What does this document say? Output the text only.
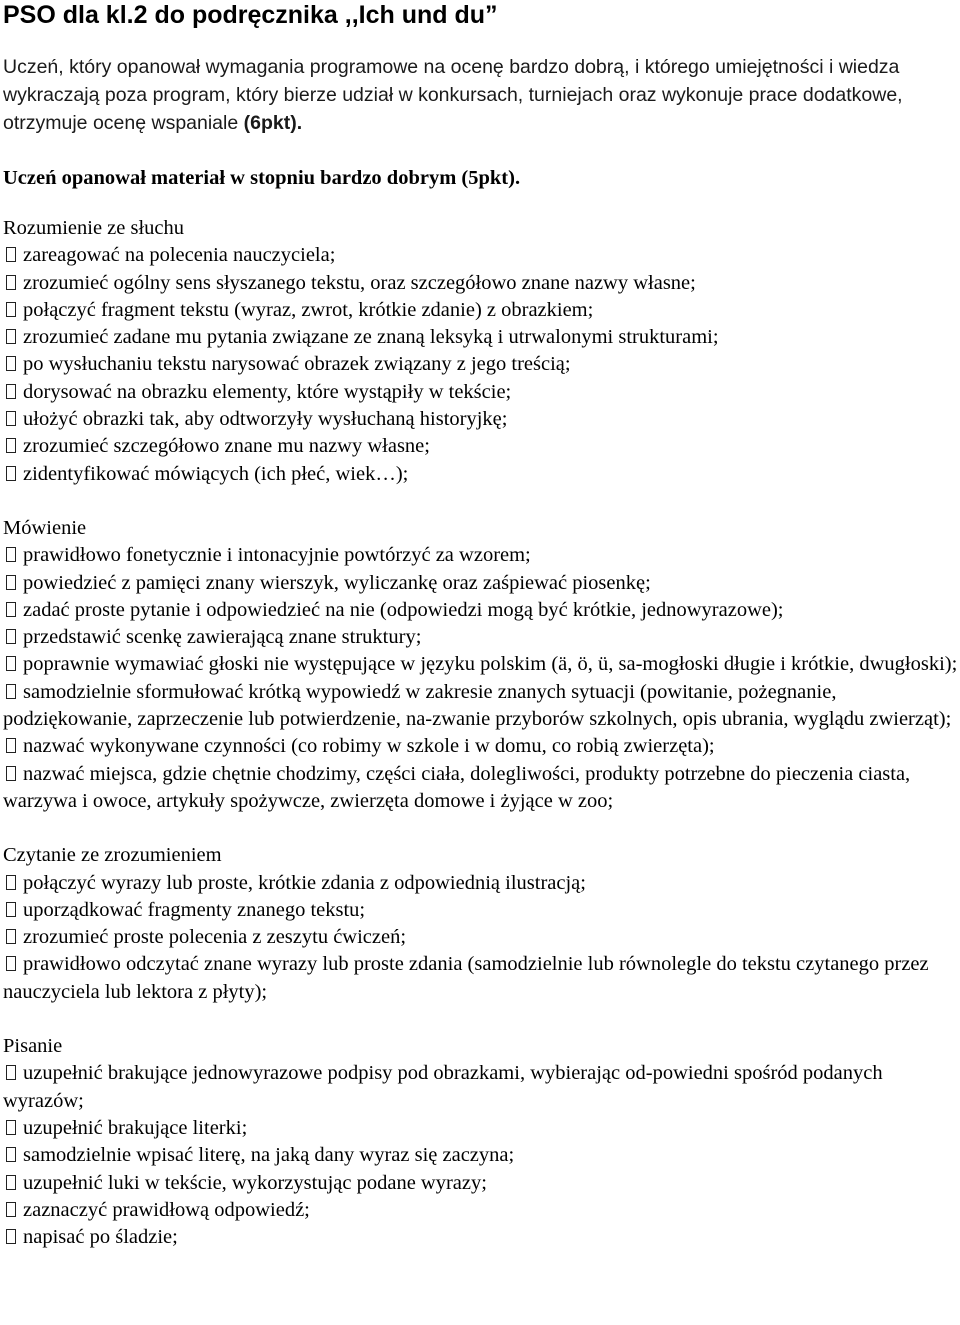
PSO dla kl.2 do podręcznika ,,Ich und du”

Uczeń, który opanował wymagania programowe na ocenę bardzo dobrą, i którego umiejętności i wiedza wykraczają poza program, który bierze udział w konkursach, turniejach oraz wykonuje prace dodatkowe, otrzymuje ocenę wspaniale (6pkt).

Uczeń opanował materiał w stopniu bardzo dobrym (5pkt).

Rozumienie ze słuchu

zareagować na polecenia nauczyciela;
zrozumieć ogólny sens słyszanego tekstu, oraz szczegółowo znane nazwy własne;
połączyć fragment tekstu (wyraz, zwrot, krótkie zdanie) z obrazkiem;
zrozumieć zadane mu pytania związane ze znaną leksyką i utrwalonymi strukturami;
po wysłuchaniu tekstu narysować obrazek związany z jego treścią;
dorysować na obrazku elementy, które wystąpiły w tekście;
ułożyć obrazki tak, aby odtworzyły wysłuchaną historyjkę;
zrozumieć szczegółowo znane mu nazwy własne;
zidentyfikować mówiących (ich płeć, wiek…);

Mówienie

prawidłowo fonetycznie i intonacyjnie powtórzyć za wzorem;
powiedzieć z pamięci znany wierszyk, wyliczankę oraz zaśpiewać piosenkę;
zadać proste pytanie i odpowiedzieć na nie (odpowiedzi mogą być krótkie, jednowyrazowe);
przedstawić scenkę zawierającą znane struktury;
poprawnie wymawiać głoski nie występujące w języku polskim (ä, ö, ü, sa-mogłoski długie i krótkie, dwugłoski);
samodzielnie sformułować krótką wypowiedź w zakresie znanych sytuacji (powitanie, pożegnanie, podziękowanie, zaprzeczenie lub potwierdzenie, na-zwanie przyborów szkolnych, opis ubrania, wyglądu zwierząt);
nazwać wykonywane czynności (co robimy w szkole i w domu, co robią zwierzęta);
nazwać miejsca, gdzie chętnie chodzimy, części ciała, dolegliwości, produkty potrzebne do pieczenia ciasta, warzywa i owoce, artykuły spożywcze, zwierzęta domowe i żyjące w zoo;

Czytanie ze zrozumieniem

połączyć wyrazy lub proste, krótkie zdania z odpowiednią ilustracją;
uporządkować fragmenty znanego tekstu;
zrozumieć proste polecenia z zeszytu ćwiczeń;
prawidłowo odczytać znane wyrazy lub proste zdania (samodzielnie lub równolegle do tekstu czytanego przez nauczyciela lub lektora z płyty);

Pisanie

uzupełnić brakujące jednowyrazowe podpisy pod obrazkami, wybierając od-powiedni spośród podanych wyrazów;
uzupełnić brakujące literki;
samodzielnie wpisać literę, na jaką dany wyraz się zaczyna;
uzupełnić luki w tekście, wykorzystując podane wyrazy;
zaznaczyć prawidłową odpowiedź;
napisać po śladzie;
